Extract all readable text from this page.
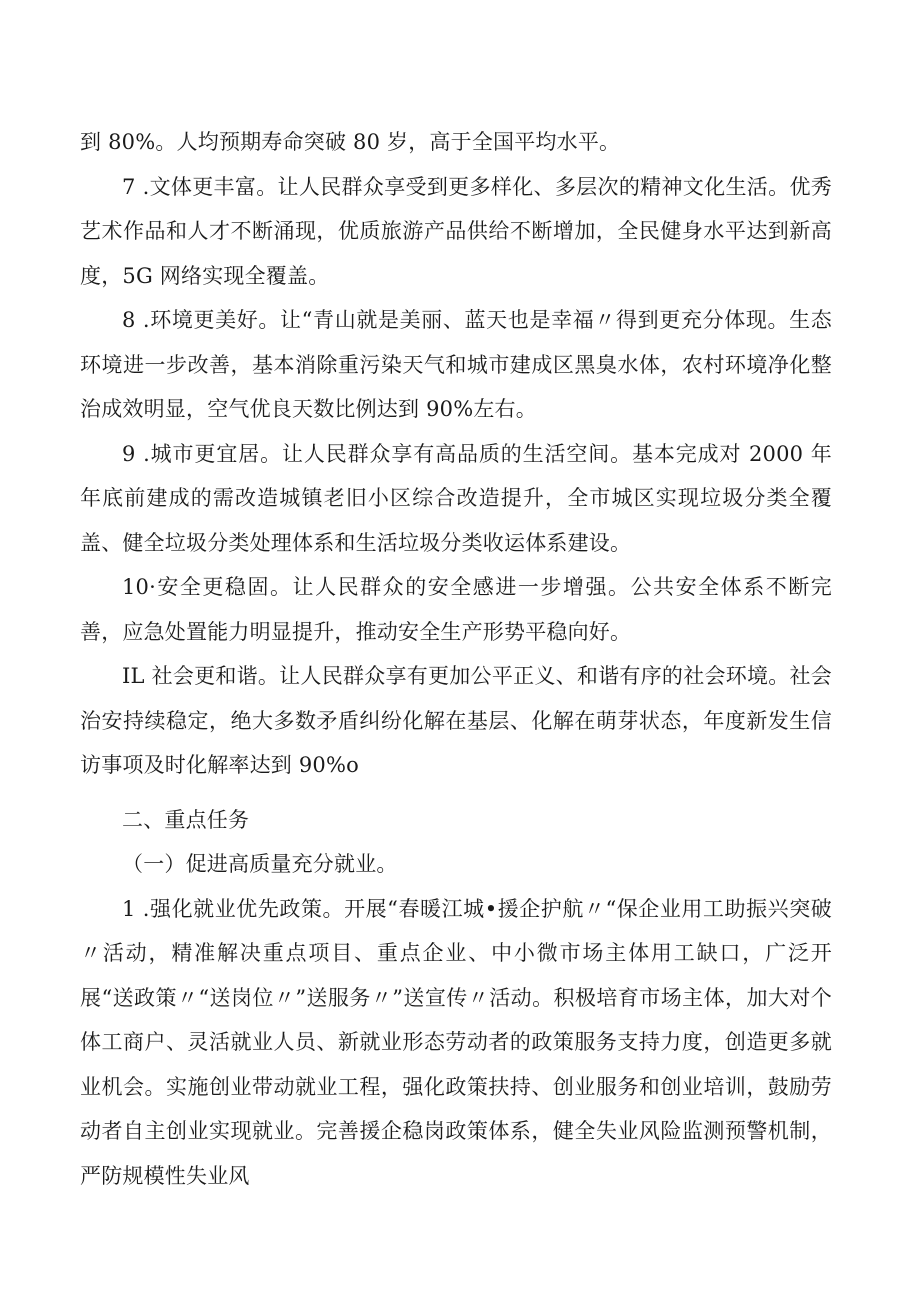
到 80%。人均预期寿命突破 80 岁，高于全国平均水平。

7 .文体更丰富。让人民群众享受到更多样化、多层次的精神文化生活。优秀艺术作品和人才不断涌现，优质旅游产品供给不断增加，全民健身水平达到新高度，5G 网络实现全覆盖。

8 .环境更美好。让“青山就是美丽、蓝天也是幸福〃得到更充分体现。生态环境进一步改善，基本消除重污染天气和城市建成区黑臭水体，农村环境净化整治成效明显，空气优良天数比例达到 90%左右。

9 .城市更宜居。让人民群众享有高品质的生活空间。基本完成对 2000 年年底前建成的需改造城镇老旧小区综合改造提升，全市城区实现垃圾分类全覆盖、健全垃圾分类处理体系和生活垃圾分类收运体系建设。

10·安全更稳固。让人民群众的安全感进一步增强。公共安全体系不断完善，应急处置能力明显提升，推动安全生产形势平稳向好。

IL 社会更和谐。让人民群众享有更加公平正义、和谐有序的社会环境。社会治安持续稳定，绝大多数矛盾纠纷化解在基层、化解在萌芽状态，年度新发生信访事项及时化解率达到 90%o

二、重点任务

（一）促进高质量充分就业。

1 .强化就业优先政策。开展“春暖江城•援企护航〃“保企业用工助振兴突破〃活动，精准解决重点项目、重点企业、中小微市场主体用工缺口，广泛开展“送政策〃“送岗位〃”送服务〃”送宣传〃活动。积极培育市场主体，加大对个体工商户、灵活就业人员、新就业形态劳动者的政策服务支持力度，创造更多就业机会。实施创业带动就业工程，强化政策扶持、创业服务和创业培训，鼓励劳动者自主创业实现就业。完善援企稳岗政策体系，健全失业风险监测预警机制，严防规模性失业风
